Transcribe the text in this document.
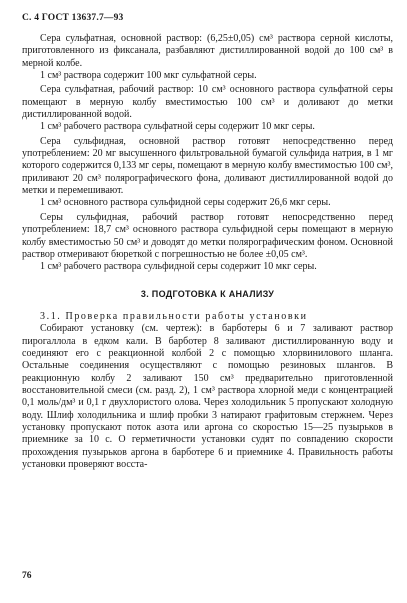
С. 4 ГОСТ 13637.7—93

Сера сульфатная, основной раствор: (6,25±0,05) см³ раствора серной кислоты, приготовленного из фиксанала, разбавляют дистиллированной водой до 100 см³ в мерной колбе.

1 см³ раствора содержит 100 мкг сульфатной серы.

Сера сульфатная, рабочий раствор: 10 см³ основного раствора сульфатной серы помещают в мерную колбу вместимостью 100 см³ и доливают до метки дистиллированной водой.

1 см³ рабочего раствора сульфатной серы содержит 10 мкг серы.

Сера сульфидная, основной раствор готовят непосредственно перед употреблением: 20 мг высушенного фильтровальной бумагой сульфида натрия, в 1 мг которого содержится 0,133 мг серы, помещают в мерную колбу вместимостью 100 см³, приливают 20 см³ полярографического фона, доливают дистиллированной водой до метки и перемешивают.

1 см³ основного раствора сульфидной серы содержит 26,6 мкг серы.

Серы сульфидная, рабочий раствор готовят непосредственно перед употреблением: 18,7 см³ основного раствора сульфидной серы помещают в мерную колбу вместимостью 50 см³ и доводят до метки полярографическим фоном. Основной раствор отмеривают бюреткой с погрешностью не более ±0,05 см³.

1 см³ рабочего раствора сульфидной серы содержит 10 мкг серы.

3. ПОДГОТОВКА К АНАЛИЗУ

3.1. Проверка правильности работы установки

Собирают установку (см. чертеж): в барботеры 6 и 7 заливают раствор пирогаллола в едком кали. В барботер 8 заливают дистиллированную воду и соединяют его с реакционной колбой 2 с помощью хлорвинилового шланга. Остальные соединения осуществляют с помощью резиновых шлангов. В реакционную колбу 2 заливают 150 см³ предварительно приготовленной восстановительной смеси (см. разд. 2), 1 см³ раствора хлорной меди с концентрацией 0,1 моль/дм³ и 0,1 г двухлористого олова. Через холодильник 5 пропускают холодную воду. Шлиф холодильника и шлиф пробки 3 натирают графитовым стержнем. Через установку пропускают поток азота или аргона со скоростью 15—25 пузырьков в приемнике за 10 с. О герметичности установки судят по совпадению скорости прохождения пузырьков аргона в барботере 6 и приемнике 4. Правильность работы установки проверяют восста-

76
